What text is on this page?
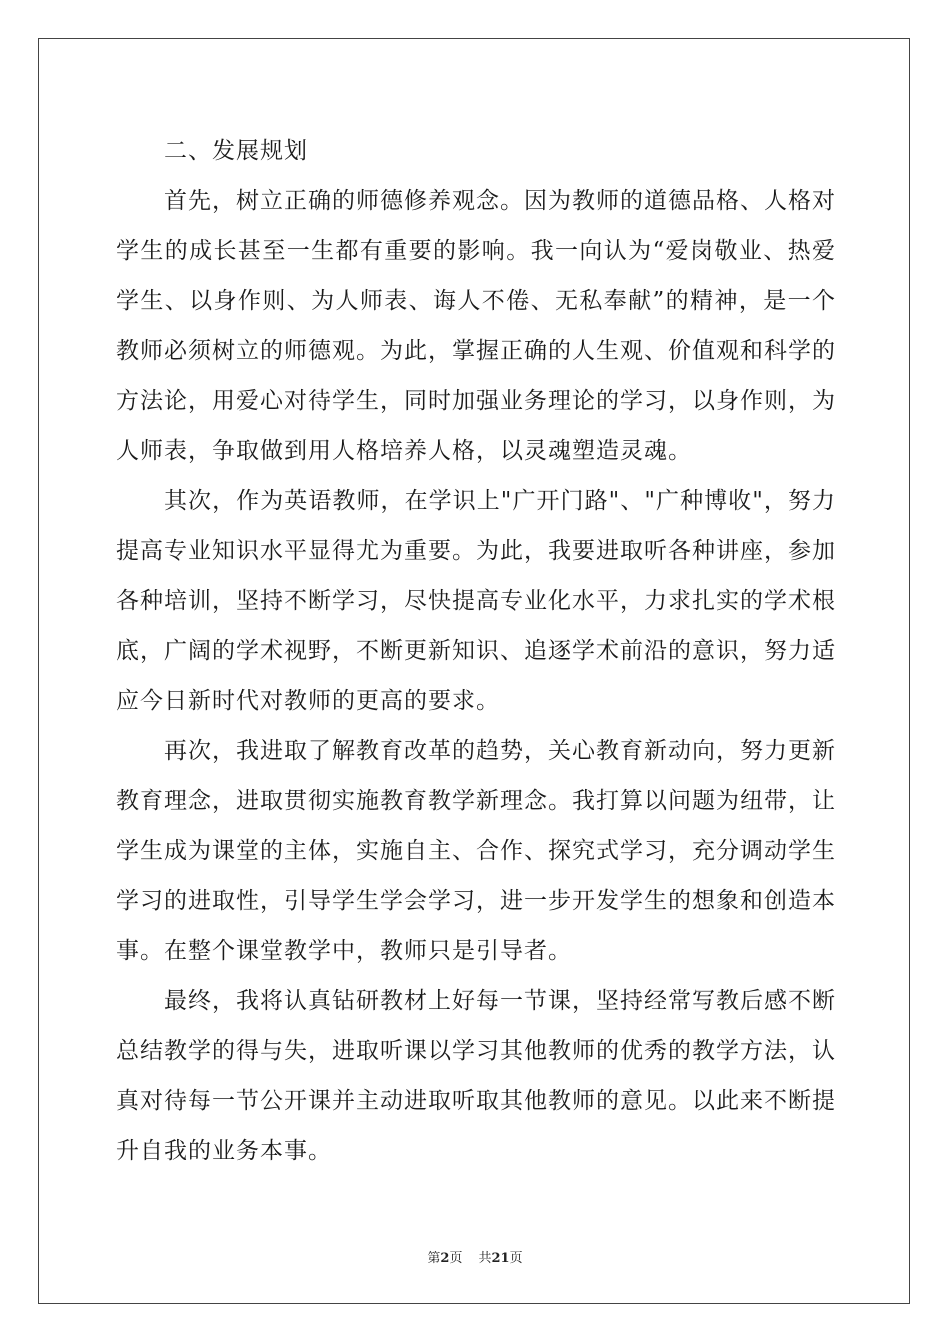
二、发展规划

首先，树立正确的师德修养观念。因为教师的道德品格、人格对学生的成长甚至一生都有重要的影响。我一向认为“爱岗敬业、热爱学生、以身作则、为人师表、诲人不倦、无私奉献”的精神，是一个教师必须树立的师德观。为此，掌握正确的人生观、价值观和科学的方法论，用爱心对待学生，同时加强业务理论的学习，以身作则，为人师表，争取做到用人格培养人格，以灵魂塑造灵魂。

其次，作为英语教师，在学识上"广开门路"、"广种博收"，努力提高专业知识水平显得尤为重要。为此，我要进取听各种讲座，参加各种培训，坚持不断学习，尽快提高专业化水平，力求扎实的学术根底，广阔的学术视野，不断更新知识、追逐学术前沿的意识，努力适应今日新时代对教师的更高的要求。

再次，我进取了解教育改革的趋势，关心教育新动向，努力更新教育理念，进取贯彻实施教育教学新理念。我打算以问题为纽带，让学生成为课堂的主体，实施自主、合作、探究式学习，充分调动学生学习的进取性，引导学生学会学习，进一步开发学生的想象和创造本事。在整个课堂教学中，教师只是引导者。

最终，我将认真钻研教材上好每一节课，坚持经常写教后感不断总结教学的得与失，进取听课以学习其他教师的优秀的教学方法，认真对待每一节公开课并主动进取听取其他教师的意见。以此来不断提升自我的业务本事。

第2页 共21页
